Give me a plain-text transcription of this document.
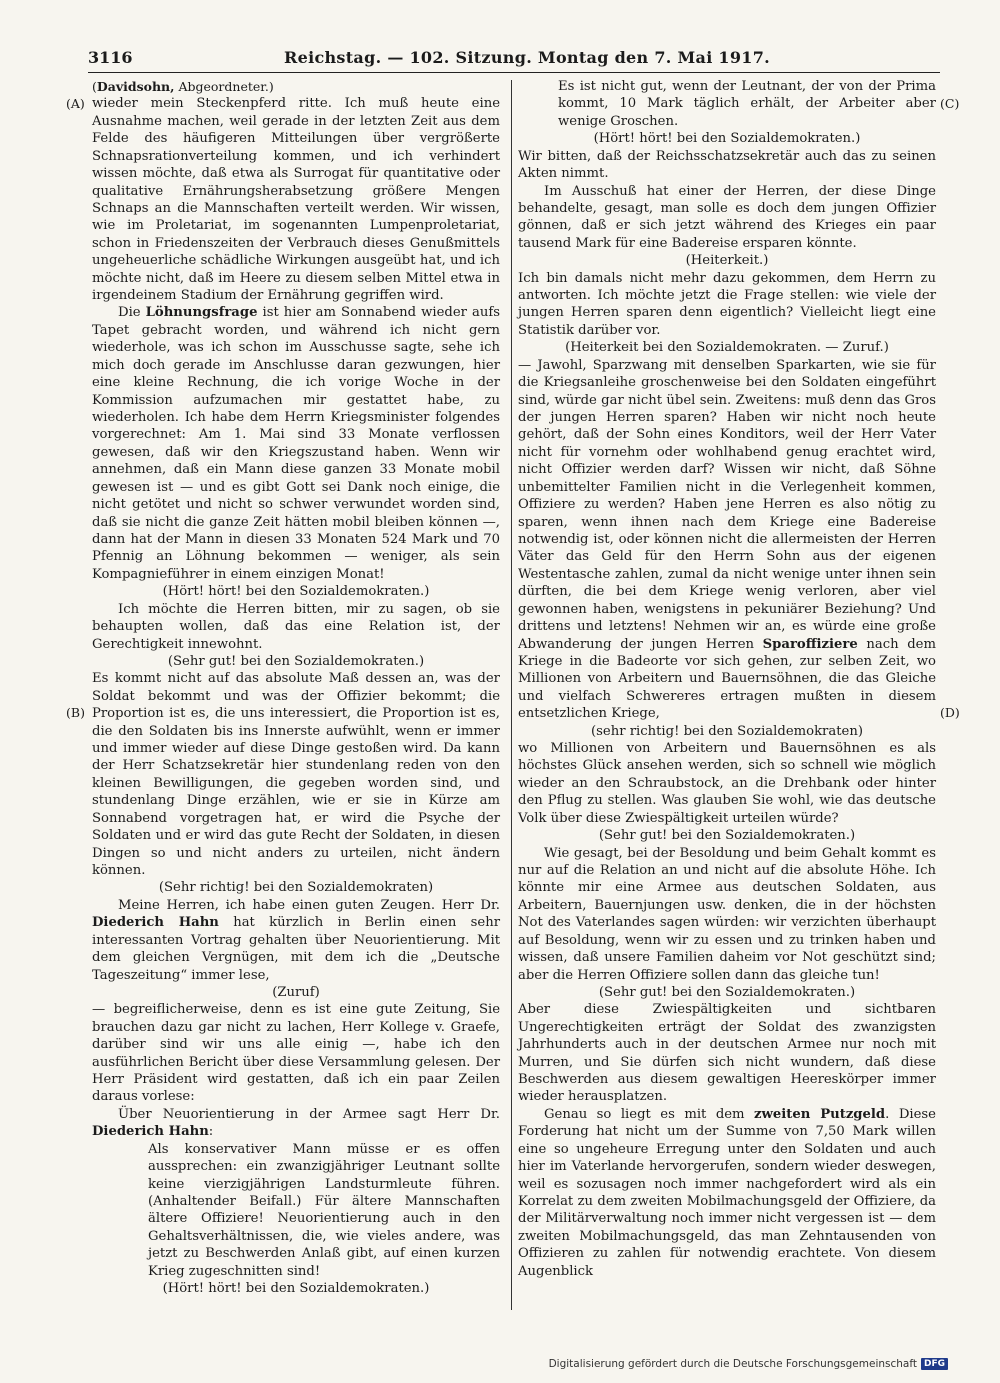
3116	Reichstag. — 102. Sitzung. Montag den 7. Mai 1917.
(A)
(B)
(C)
(D)

(Davidsohn, Abgeordneter.)

wieder mein Steckenpferd ritte. Ich muß heute eine Ausnahme machen, weil gerade in der letzten Zeit aus dem Felde des häufigeren Mitteilungen über vergrößerte Schnapsrationverteilung kommen, und ich verhindert wissen möchte, daß etwa als Surrogat für quantitative oder qualitative Ernährungsherabsetzung größere Mengen Schnaps an die Mannschaften verteilt werden. Wir wissen, wie im Proletariat, im sogenannten Lumpenproletariat, schon in Friedenszeiten der Verbrauch dieses Genußmittels ungeheuerliche schädliche Wirkungen ausgeübt hat, und ich möchte nicht, daß im Heere zu diesem selben Mittel etwa in irgendeinem Stadium der Ernährung gegriffen wird.

Die Löhnungsfrage ist hier am Sonnabend wieder aufs Tapet gebracht worden, und während ich nicht gern wiederhole, was ich schon im Ausschusse sagte, sehe ich mich doch gerade im Anschlusse daran gezwungen, hier eine kleine Rechnung, die ich vorige Woche in der Kommission aufzumachen mir gestattet habe, zu wiederholen. Ich habe dem Herrn Kriegsminister folgendes vorgerechnet: Am 1. Mai sind 33 Monate verflossen gewesen, daß wir den Kriegszustand haben. Wenn wir annehmen, daß ein Mann diese ganzen 33 Monate mobil gewesen ist — und es gibt Gott sei Dank noch einige, die nicht getötet und nicht so schwer verwundet worden sind, daß sie nicht die ganze Zeit hätten mobil bleiben können —, dann hat der Mann in diesen 33 Monaten 524 Mark und 70 Pfennig an Löhnung bekommen — weniger, als sein Kompagnieführer in einem einzigen Monat!

(Hört! hört! bei den Sozialdemokraten.)

Ich möchte die Herren bitten, mir zu sagen, ob sie behaupten wollen, daß das eine Relation ist, der Gerechtigkeit innewohnt.

(Sehr gut! bei den Sozialdemokraten.)

Es kommt nicht auf das absolute Maß dessen an, was der Soldat bekommt und was der Offizier bekommt; die Proportion ist es, die uns interessiert, die Proportion ist es, die den Soldaten bis ins Innerste aufwühlt, wenn er immer und immer wieder auf diese Dinge gestoßen wird. Da kann der Herr Schatzsekretär hier stundenlang reden von den kleinen Bewilligungen, die gegeben worden sind, und stundenlang Dinge erzählen, wie er sie in Kürze am Sonnabend vorgetragen hat, er wird die Psyche der Soldaten und er wird das gute Recht der Soldaten, in diesen Dingen so und nicht anders zu urteilen, nicht ändern können.

(Sehr richtig! bei den Sozialdemokraten)

Meine Herren, ich habe einen guten Zeugen. Herr Dr. Diederich Hahn hat kürzlich in Berlin einen sehr interessanten Vortrag gehalten über Neuorientierung. Mit dem gleichen Vergnügen, mit dem ich die „Deutsche Tageszeitung“ immer lese,

(Zuruf)

— begreiflicherweise, denn es ist eine gute Zeitung, Sie brauchen dazu gar nicht zu lachen, Herr Kollege v. Graefe, darüber sind wir uns alle einig —, habe ich den ausführlichen Bericht über diese Versammlung gelesen. Der Herr Präsident wird gestatten, daß ich ein paar Zeilen daraus vorlese:

Über Neuorientierung in der Armee sagt Herr Dr. Diederich Hahn:

Als konservativer Mann müsse er es offen aussprechen: ein zwanzigjähriger Leutnant sollte keine vierzigjährigen Landsturmleute führen. (Anhaltender Beifall.) Für ältere Mannschaften ältere Offiziere! Neuorientierung auch in den Gehaltsverhältnissen, die, wie vieles andere, was jetzt zu Beschwerden Anlaß gibt, auf einen kurzen Krieg zugeschnitten sind!

(Hört! hört! bei den Sozialdemokraten.)

Es ist nicht gut, wenn der Leutnant, der von der Prima kommt, 10 Mark täglich erhält, der Arbeiter aber wenige Groschen.

(Hört! hört! bei den Sozialdemokraten.)

Wir bitten, daß der Reichsschatzsekretär auch das zu seinen Akten nimmt.

Im Ausschuß hat einer der Herren, der diese Dinge behandelte, gesagt, man solle es doch dem jungen Offizier gönnen, daß er sich jetzt während des Krieges ein paar tausend Mark für eine Badereise ersparen könnte.

(Heiterkeit.)

Ich bin damals nicht mehr dazu gekommen, dem Herrn zu antworten. Ich möchte jetzt die Frage stellen: wie viele der jungen Herren sparen denn eigentlich? Vielleicht liegt eine Statistik darüber vor.

(Heiterkeit bei den Sozialdemokraten. — Zuruf.)

— Jawohl, Sparzwang mit denselben Sparkarten, wie sie für die Kriegsanleihe groschenweise bei den Soldaten eingeführt sind, würde gar nicht übel sein. Zweitens: muß denn das Gros der jungen Herren sparen? Haben wir nicht noch heute gehört, daß der Sohn eines Konditors, weil der Herr Vater nicht für vornehm oder wohlhabend genug erachtet wird, nicht Offizier werden darf? Wissen wir nicht, daß Söhne unbemittelter Familien nicht in die Verlegenheit kommen, Offiziere zu werden? Haben jene Herren es also nötig zu sparen, wenn ihnen nach dem Kriege eine Badereise notwendig ist, oder können nicht die allermeisten der Herren Väter das Geld für den Herrn Sohn aus der eigenen Westentasche zahlen, zumal da nicht wenige unter ihnen sein dürften, die bei dem Kriege wenig verloren, aber viel gewonnen haben, wenigstens in pekuniärer Beziehung? Und drittens und letztens! Nehmen wir an, es würde eine große Abwanderung der jungen Herren Sparoffiziere nach dem Kriege in die Badeorte vor sich gehen, zur selben Zeit, wo Millionen von Arbeitern und Bauernsöhnen, die das Gleiche und vielfach Schwereres ertragen mußten in diesem entsetzlichen Kriege,

(sehr richtig! bei den Sozialdemokraten)

wo Millionen von Arbeitern und Bauernsöhnen es als höchstes Glück ansehen werden, sich so schnell wie möglich wieder an den Schraubstock, an die Drehbank oder hinter den Pflug zu stellen. Was glauben Sie wohl, wie das deutsche Volk über diese Zwiespältigkeit urteilen würde?

(Sehr gut! bei den Sozialdemokraten.)

Wie gesagt, bei der Besoldung und beim Gehalt kommt es nur auf die Relation an und nicht auf die absolute Höhe. Ich könnte mir eine Armee aus deutschen Soldaten, aus Arbeitern, Bauernjungen usw. denken, die in der höchsten Not des Vaterlandes sagen würden: wir verzichten überhaupt auf Besoldung, wenn wir zu essen und zu trinken haben und wissen, daß unsere Familien daheim vor Not geschützt sind; aber die Herren Offiziere sollen dann das gleiche tun!

(Sehr gut! bei den Sozialdemokraten.)

Aber diese Zwiespältigkeiten und sichtbaren Ungerechtigkeiten erträgt der Soldat des zwanzigsten Jahrhunderts auch in der deutschen Armee nur noch mit Murren, und Sie dürfen sich nicht wundern, daß diese Beschwerden aus diesem gewaltigen Heereskörper immer wieder herausplatzen.

Genau so liegt es mit dem zweiten Putzgeld. Diese Forderung hat nicht um der Summe von 7,50 Mark willen eine so ungeheure Erregung unter den Soldaten und auch hier im Vaterlande hervorgerufen, sondern wieder deswegen, weil es sozusagen noch immer nachgefordert wird als ein Korrelat zu dem zweiten Mobilmachungsgeld der Offiziere, da der Militärverwaltung noch immer nicht vergessen ist — dem zweiten Mobilmachungsgeld, das man Zehntausenden von Offizieren zu zahlen für notwendig erachtete. Von diesem Augenblick

Digitalisierung gefördert durch die Deutsche Forschungsgemeinschaft DFG
